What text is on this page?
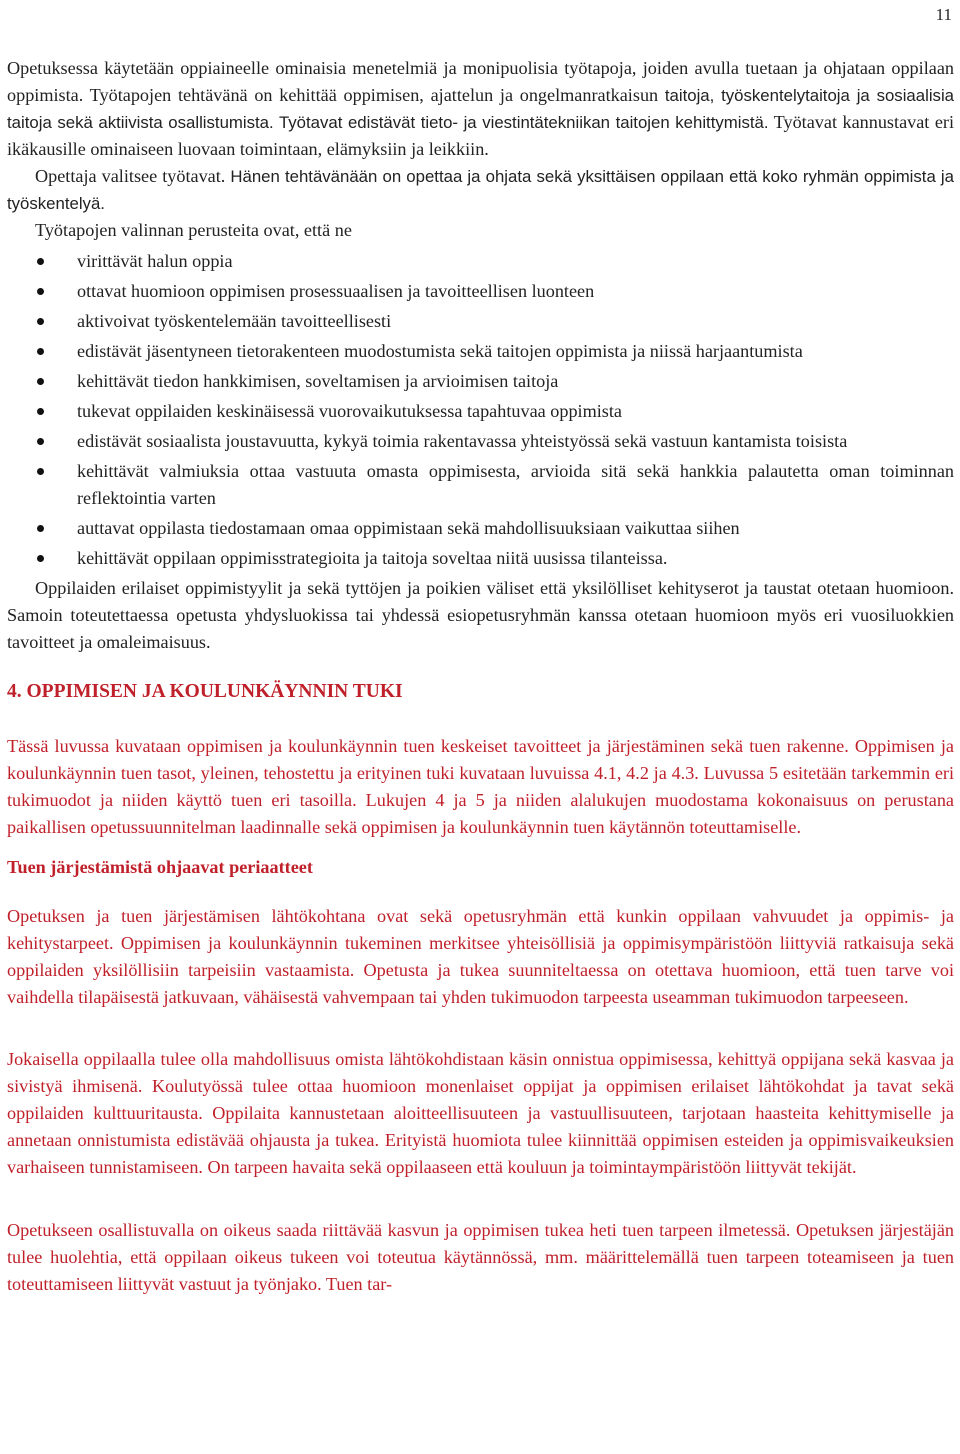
11

Opetuksessa käytetään oppiaineelle ominaisia menetelmiä ja monipuolisia työtapoja, joiden avulla tuetaan ja ohjataan oppilaan oppimista. Työtapojen tehtävänä on kehittää oppimisen, ajattelun ja ongelmanratkaisun taitoja, työskentelytaitoja ja sosiaalisia taitoja sekä aktiivista osallistumista. Työtavat edistävät tieto- ja viestintätekniikan taitojen kehittymistä. Työtavat kannustavat eri ikäkausille ominaiseen luovaan toimintaan, elämyksiin ja leikkiin.

Opettaja valitsee työtavat. Hänen tehtävänään on opettaa ja ohjata sekä yksittäisen oppilaan että koko ryhmän oppimista ja työskentelyä.

Työtapojen valinnan perusteita ovat, että ne

virittävät halun oppia
ottavat huomioon oppimisen prosessuaalisen ja tavoitteellisen luonteen
aktivoivat työskentelemään tavoitteellisesti
edistävät jäsentyneen tietorakenteen muodostumista sekä taitojen oppimista ja niissä harjaantumista
kehittävät tiedon hankkimisen, soveltamisen ja arvioimisen taitoja
tukevat oppilaiden keskinäisessä vuorovaikutuksessa tapahtuvaa oppimista
edistävät sosiaalista joustavuutta, kykyä toimia rakentavassa yhteistyössä sekä vastuun kantamista toisista
kehittävät valmiuksia ottaa vastuuta omasta oppimisesta, arvioida sitä sekä hankkia palautetta oman toiminnan reflektointia varten
auttavat oppilasta tiedostamaan omaa oppimistaan sekä mahdollisuuksiaan vaikuttaa siihen
kehittävät oppilaan oppimisstrategioita ja taitoja soveltaa niitä uusissa tilanteissa.

Oppilaiden erilaiset oppimistyylit ja sekä tyttöjen ja poikien väliset että yksilölliset kehityserot ja taustat otetaan huomioon. Samoin toteutettaessa opetusta yhdysluokissa tai yhdessä esiopetusryhmän kanssa otetaan huomioon myös eri vuosiluokkien tavoitteet ja omaleimaisuus.

4. OPPIMISEN JA KOULUNKÄYNNIN TUKI

Tässä luvussa kuvataan oppimisen ja koulunkäynnin tuen keskeiset tavoitteet ja järjestäminen sekä tuen rakenne. Oppimisen ja koulunkäynnin tuen tasot, yleinen, tehostettu ja erityinen tuki kuvataan luvuissa 4.1, 4.2 ja 4.3. Luvussa 5 esitetään tarkemmin eri tukimuodot ja niiden käyttö tuen eri tasoilla. Lukujen 4 ja 5 ja niiden alalukujen muodostama kokonaisuus on perustana paikallisen opetussuunnitelman laadinnalle sekä oppimisen ja koulunkäynnin tuen käytännön toteuttamiselle.

Tuen järjestämistä ohjaavat periaatteet

Opetuksen ja tuen järjestämisen lähtökohtana ovat sekä opetusryhmän että kunkin oppilaan vahvuudet ja oppimis- ja kehitystarpeet. Oppimisen ja koulunkäynnin tukeminen merkitsee yhteisöllisiä ja oppimisympäristöön liittyviä ratkaisuja sekä oppilaiden yksilöllisiin tarpeisiin vastaamista. Opetusta ja tukea suunniteltaessa on otettava huomioon, että tuen tarve voi vaihdella tilapäisestä jatkuvaan, vähäisestä vahvempaan tai yhden tukimuodon tarpeesta useamman tukimuodon tarpeeseen.

Jokaisella oppilaalla tulee olla mahdollisuus omista lähtökohdistaan käsin onnistua oppimisessa, kehittyä oppijana sekä kasvaa ja sivistyä ihmisenä. Koulutyössä tulee ottaa huomioon monenlaiset oppijat ja oppimisen erilaiset lähtökohdat ja tavat sekä oppilaiden kulttuuritausta. Oppilaita kannustetaan aloitteellisuuteen ja vastuullisuuteen, tarjotaan haasteita kehittymiselle ja annetaan onnistumista edistävää ohjausta ja tukea. Erityistä huomiota tulee kiinnittää oppimisen esteiden ja oppimisvaikeuksien varhaiseen tunnistamiseen. On tarpeen havaita sekä oppilaaseen että kouluun ja toimintaympäristöön liittyvät tekijät.

Opetukseen osallistuvalla on oikeus saada riittävää kasvun ja oppimisen tukea heti tuen tarpeen ilmetessä. Opetuksen järjestäjän tulee huolehtia, että oppilaan oikeus tukeen voi toteutua käytännössä, mm. määrittelemällä tuen tarpeen toteamiseen ja tuen toteuttamiseen liittyvät vastuut ja työnjako. Tuen tar-
